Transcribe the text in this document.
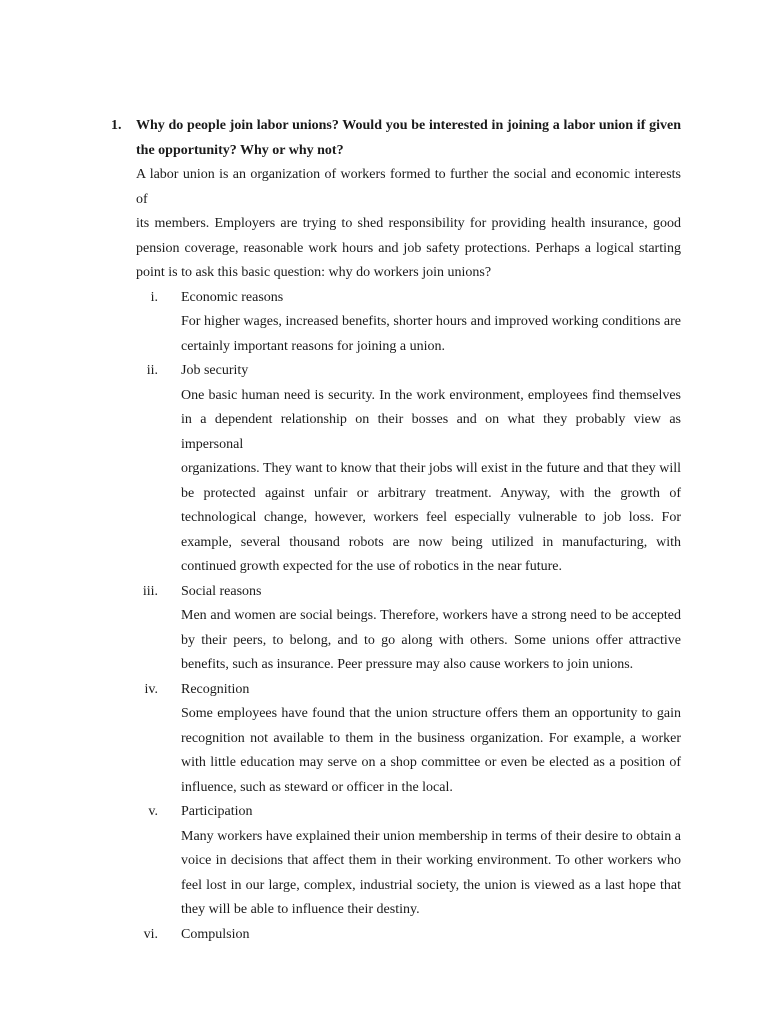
1. Why do people join labor unions? Would you be interested in joining a labor union if given
the opportunity? Why or why not?
A labor union is an organization of workers formed to further the social and economic interests of
its members. Employers are trying to shed responsibility for providing health insurance, good
pension coverage, reasonable work hours and job safety protections. Perhaps a logical starting
point is to ask this basic question: why do workers join unions?
i. Economic reasons
For higher wages, increased benefits, shorter hours and improved working conditions are
certainly important reasons for joining a union.
ii. Job security
One basic human need is security. In the work environment, employees find themselves
in a dependent relationship on their bosses and on what they probably view as impersonal
organizations. They want to know that their jobs will exist in the future and that they will
be protected against unfair or arbitrary treatment. Anyway, with the growth of
technological change, however, workers feel especially vulnerable to job loss. For
example, several thousand robots are now being utilized in manufacturing, with
continued growth expected for the use of robotics in the near future.
iii. Social reasons
Men and women are social beings. Therefore, workers have a strong need to be accepted
by their peers, to belong, and to go along with others. Some unions offer attractive
benefits, such as insurance. Peer pressure may also cause workers to join unions.
iv. Recognition
Some employees have found that the union structure offers them an opportunity to gain
recognition not available to them in the business organization. For example, a worker
with little education may serve on a shop committee or even be elected as a position of
influence, such as steward or officer in the local.
v. Participation
Many workers have explained their union membership in terms of their desire to obtain a
voice in decisions that affect them in their working environment. To other workers who
feel lost in our large, complex, industrial society, the union is viewed as a last hope that
they will be able to influence their destiny.
vi. Compulsion
